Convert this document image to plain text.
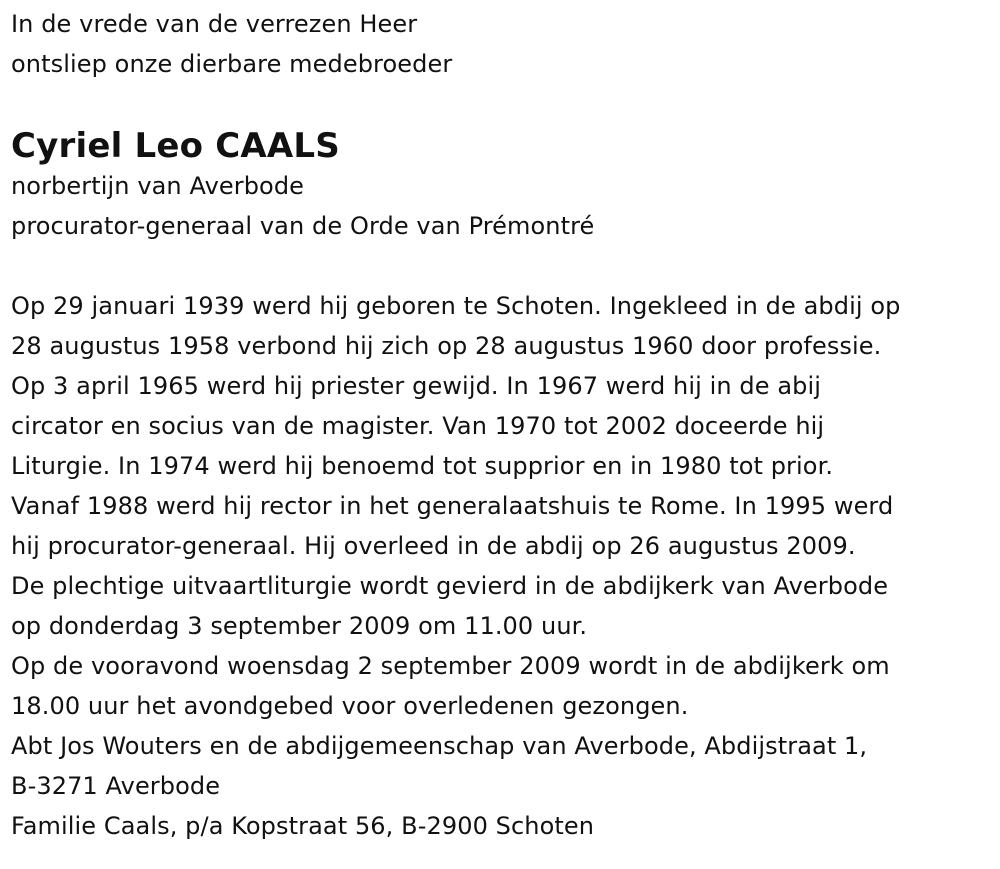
In de vrede van de verrezen Heer
ontsliep onze dierbare medebroeder
Cyriel Leo CAALS
norbertijn van Averbode
procurator-generaal van de Orde van Prémontré
Op 29 januari 1939 werd hij geboren te Schoten. Ingekleed in de abdij op
28 augustus 1958 verbond hij zich op 28 augustus 1960 door professie.
Op 3 april 1965 werd hij priester gewijd. In 1967 werd hij in de abij
circator en socius van de magister. Van 1970 tot 2002 doceerde hij
Liturgie. In 1974 werd hij benoemd tot supprior en in 1980 tot prior.
Vanaf 1988 werd hij rector in het generalaatshuis te Rome. In 1995 werd
hij procurator-generaal. Hij overleed in de abdij op 26 augustus 2009.
De plechtige uitvaartliturgie wordt gevierd in de abdijkerk van Averbode
op donderdag 3 september 2009 om 11.00 uur.
Op de vooravond woensdag 2 september 2009 wordt in de abdijkerk om
18.00 uur het avondgebed voor overledenen gezongen.
Abt Jos Wouters en de abdijgemeenschap van Averbode, Abdijstraat 1,
B-3271 Averbode
Familie Caals, p/a Kopstraat 56, B-2900 Schoten
